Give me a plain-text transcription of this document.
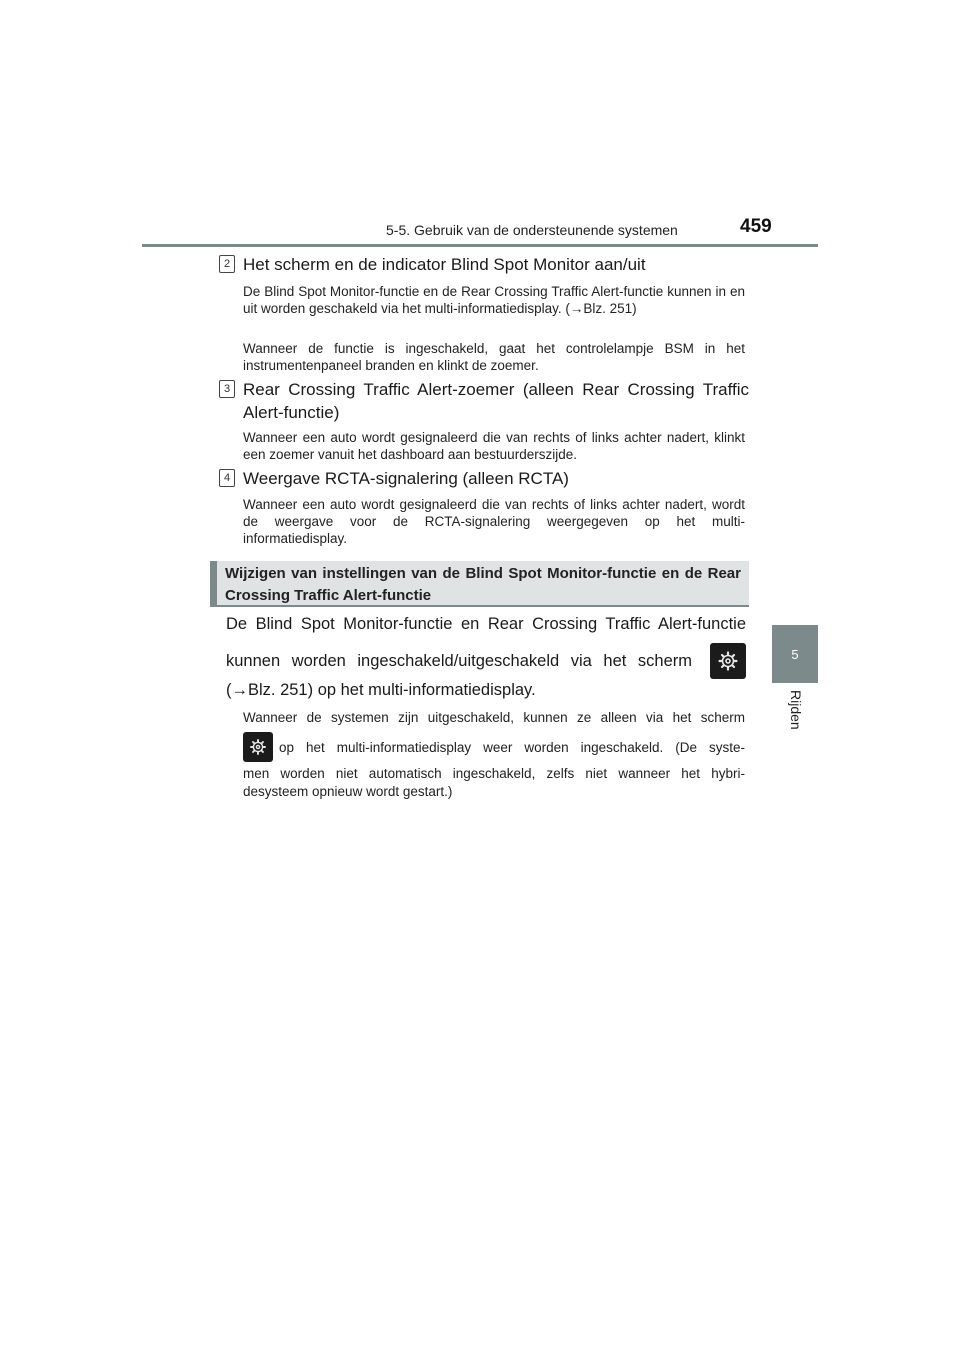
5-5. Gebruik van de ondersteunende systemen	459
5
Rijden
2 Het scherm en de indicator Blind Spot Monitor aan/uit
De Blind Spot Monitor-functie en de Rear Crossing Traffic Alert-functie kunnen in en uit worden geschakeld via het multi-informatiedisplay. (→Blz. 251)
Wanneer de functie is ingeschakeld, gaat het controlelampje BSM in het instrumentenpaneel branden en klinkt de zoemer.
3 Rear Crossing Traffic Alert-zoemer (alleen Rear Crossing Traffic Alert-functie)
Wanneer een auto wordt gesignaleerd die van rechts of links achter nadert, klinkt een zoemer vanuit het dashboard aan bestuurderszijde.
4 Weergave RCTA-signalering (alleen RCTA)
Wanneer een auto wordt gesignaleerd die van rechts of links achter nadert, wordt de weergave voor de RCTA-signalering weergegeven op het multi-informatiedisplay.
Wijzigen van instellingen van de Blind Spot Monitor-functie en de Rear Crossing Traffic Alert-functie
De Blind Spot Monitor-functie en Rear Crossing Traffic Alert-functie
kunnen worden ingeschakeld/uitgeschakeld via het scherm
(→Blz. 251) op het multi-informatiedisplay.
Wanneer de systemen zijn uitgeschakeld, kunnen ze alleen via het scherm
op het multi-informatiedisplay weer worden ingeschakeld. (De syste-
men worden niet automatisch ingeschakeld, zelfs niet wanneer het hybri-
desysteem opnieuw wordt gestart.)
